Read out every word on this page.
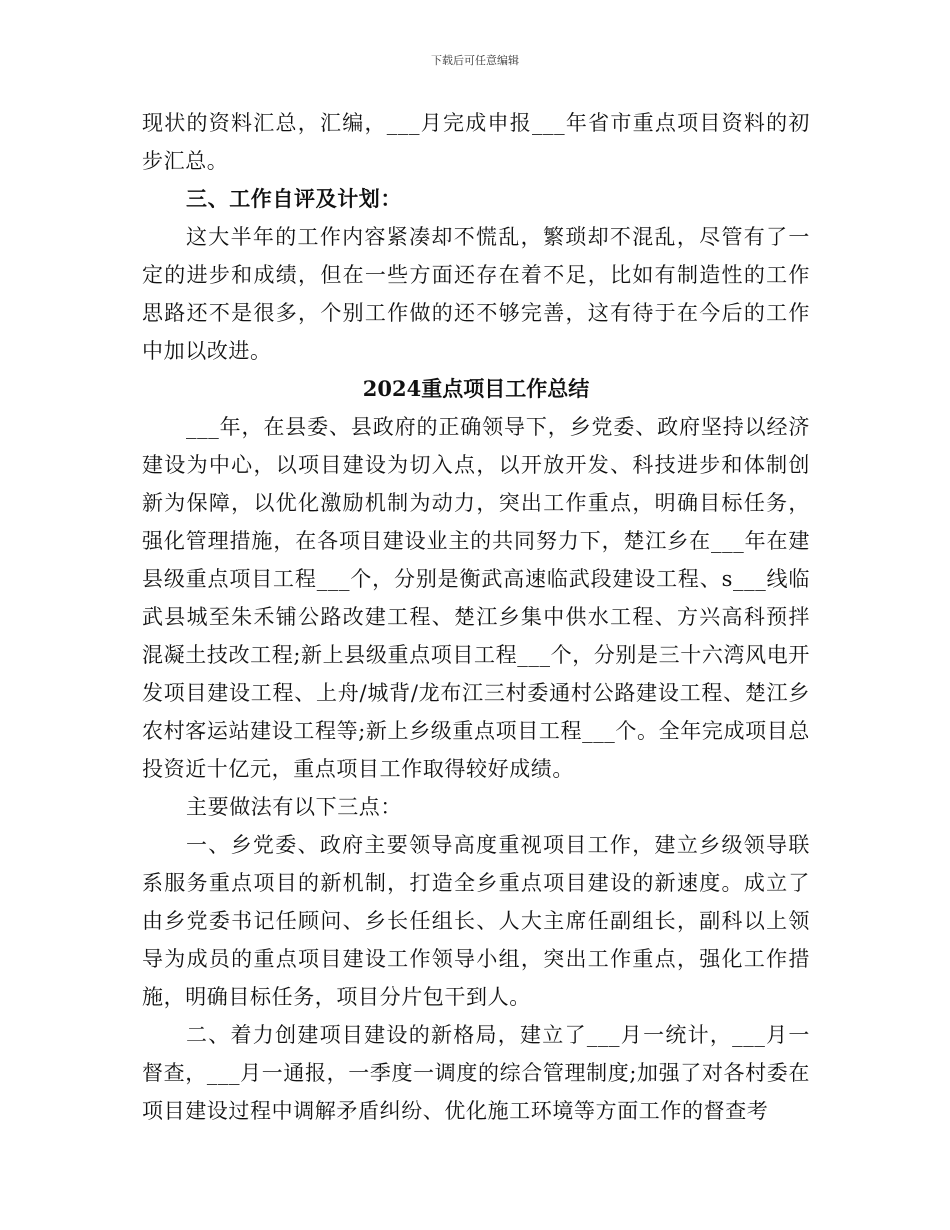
下载后可任意编辑

现状的资料汇总，汇编，___月完成申报___年省市重点项目资料的初步汇总。

三、工作自评及计划：

这大半年的工作内容紧凑却不慌乱，繁琐却不混乱，尽管有了一定的进步和成绩，但在一些方面还存在着不足，比如有制造性的工作思路还不是很多，个别工作做的还不够完善，这有待于在今后的工作中加以改进。

2024重点项目工作总结

___年，在县委、县政府的正确领导下，乡党委、政府坚持以经济建设为中心，以项目建设为切入点，以开放开发、科技进步和体制创新为保障，以优化激励机制为动力，突出工作重点，明确目标任务，强化管理措施，在各项目建设业主的共同努力下，楚江乡在___年在建县级重点项目工程___个，分别是衡武高速临武段建设工程、s___线临武县城至朱禾铺公路改建工程、楚江乡集中供水工程、方兴高科预拌混凝土技改工程;新上县级重点项目工程___个，分别是三十六湾风电开发项目建设工程、上舟/城背/龙布江三村委通村公路建设工程、楚江乡农村客运站建设工程等;新上乡级重点项目工程___个。全年完成项目总投资近十亿元，重点项目工作取得较好成绩。

主要做法有以下三点：

一、乡党委、政府主要领导高度重视项目工作，建立乡级领导联系服务重点项目的新机制，打造全乡重点项目建设的新速度。成立了由乡党委书记任顾问、乡长任组长、人大主席任副组长，副科以上领导为成员的重点项目建设工作领导小组，突出工作重点，强化工作措施，明确目标任务，项目分片包干到人。

二、着力创建项目建设的新格局，建立了___月一统计，___月一督查，___月一通报，一季度一调度的综合管理制度;加强了对各村委在项目建设过程中调解矛盾纠纷、优化施工环境等方面工作的督查考
